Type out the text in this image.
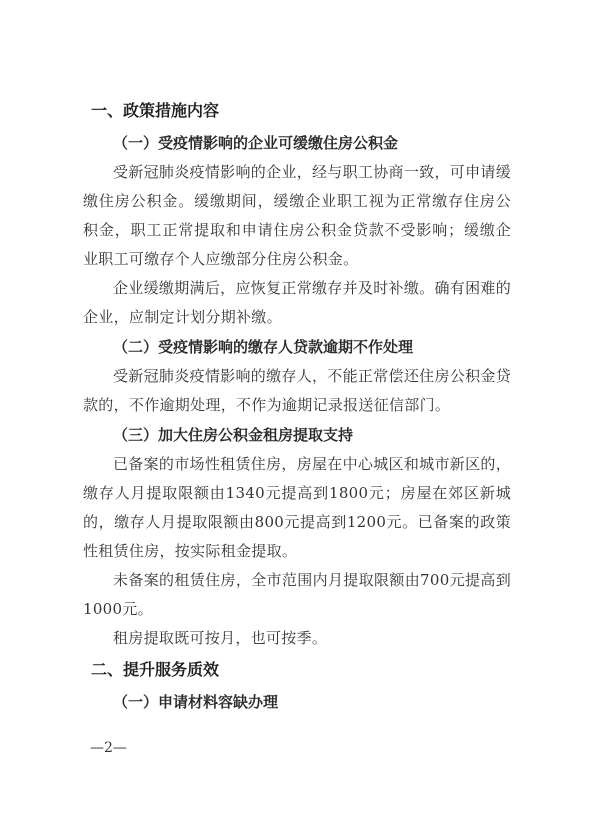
一、政策措施内容
（一）受疫情影响的企业可缓缴住房公积金

受新冠肺炎疫情影响的企业，经与职工协商一致，可申请缓缴住房公积金。缓缴期间，缓缴企业职工视为正常缴存住房公积金，职工正常提取和申请住房公积金贷款不受影响；缓缴企业职工可缴存个人应缴部分住房公积金。

企业缓缴期满后，应恢复正常缴存并及时补缴。确有困难的企业，应制定计划分期补缴。

（二）受疫情影响的缴存人贷款逾期不作处理

受新冠肺炎疫情影响的缴存人，不能正常偿还住房公积金贷款的，不作逾期处理，不作为逾期记录报送征信部门。

（三）加大住房公积金租房提取支持

已备案的市场性租赁住房，房屋在中心城区和城市新区的，缴存人月提取限额由1340元提高到1800元；房屋在郊区新城的，缴存人月提取限额由800元提高到1200元。已备案的政策性租赁住房，按实际租金提取。

未备案的租赁住房，全市范围内月提取限额由700元提高到1000元。

租房提取既可按月，也可按季。

二、提升服务质效
（一）申请材料容缺办理
—2—
